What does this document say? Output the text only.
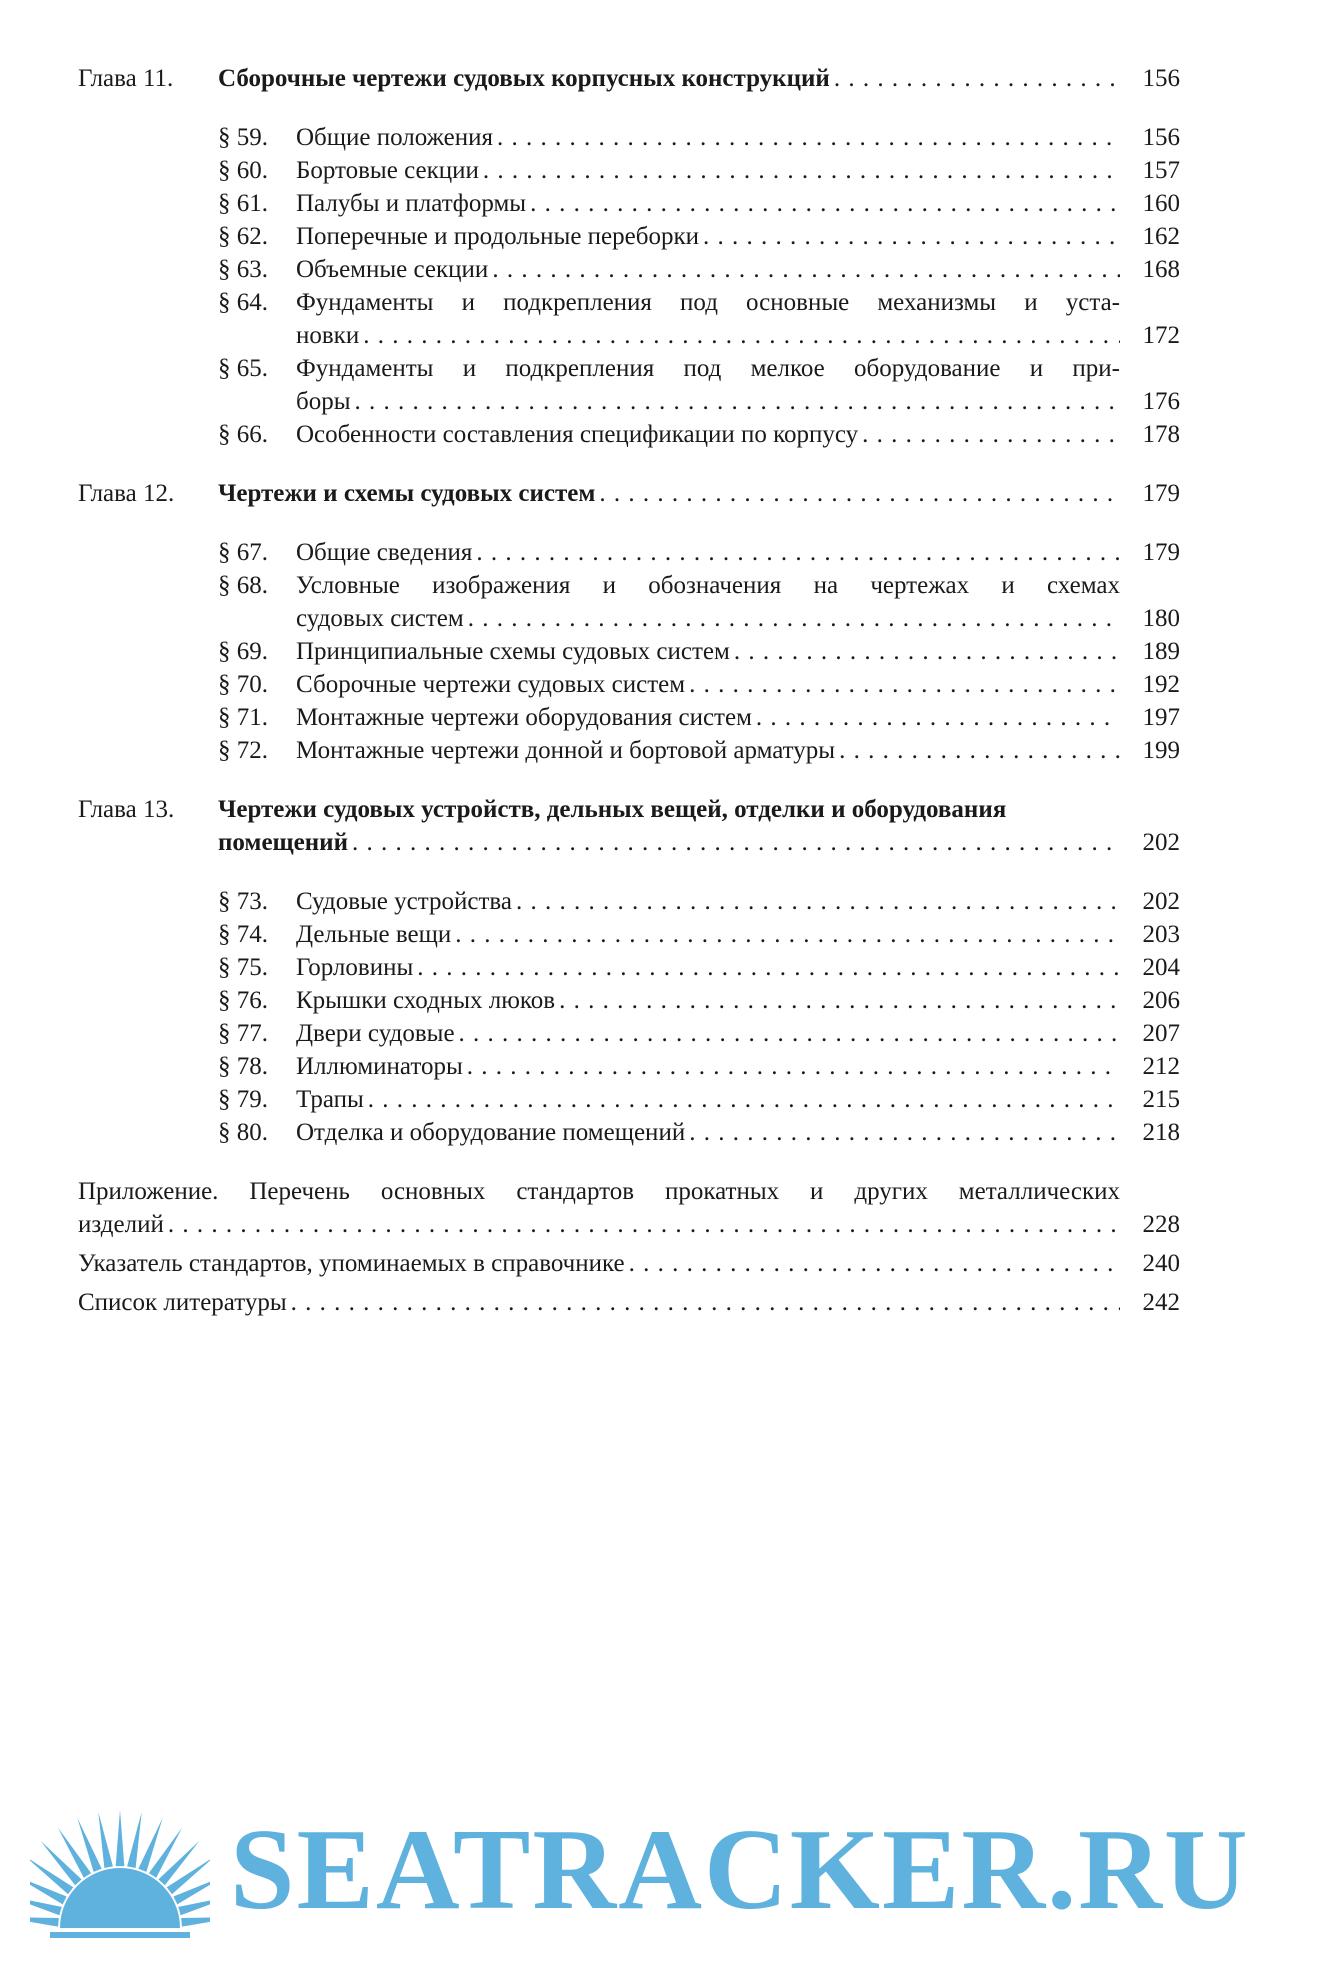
Глава 11. Сборочные чертежи судовых корпусных конструкций . . .	156
§ 59. Общие положения . . .	156
§ 60. Бортовые секции . . .	157
§ 61. Палубы и платформы . . .	160
§ 62. Поперечные и продольные переборки . . .	162
§ 63. Объемные секции . . .	168
§ 64. Фундаменты и подкрепления под основные механизмы и уста-
новки . . .	172
§ 65. Фундаменты и подкрепления под мелкое оборудование и при-
боры . . .	176
§ 66. Особенности составления спецификации по корпусу . . .	178
Глава 12. Чертежи и схемы судовых систем . . .	179
§ 67. Общие сведения . . .	179
§ 68. Условные изображения и обозначения на чертежах и схемах
судовых систем . . .	180
§ 69. Принципиальные схемы судовых систем . . .	189
§ 70. Сборочные чертежи судовых систем . . .	192
§ 71. Монтажные чертежи оборудования систем . . .	197
§ 72. Монтажные чертежи донной и бортовой арматуры . . .	199
Глава 13. Чертежи судовых устройств, дельных вещей, отделки и оборудования
помещений . . .	202
§ 73. Судовые устройства . . .	202
§ 74. Дельные вещи . . .	203
§ 75. Горловины . . .	204
§ 76. Крышки сходных люков . . .	206
§ 77. Двери судовые . . .	207
§ 78. Иллюминаторы . . .	212
§ 79. Трапы . . .	215
§ 80. Отделка и оборудование помещений . . .	218
Приложение. Перечень основных стандартов прокатных и других металлических
изделий . . .	228
Указатель стандартов, упоминаемых в справочнике . . .	240
Список литературы . . .	242
SEATRACKER.RU
